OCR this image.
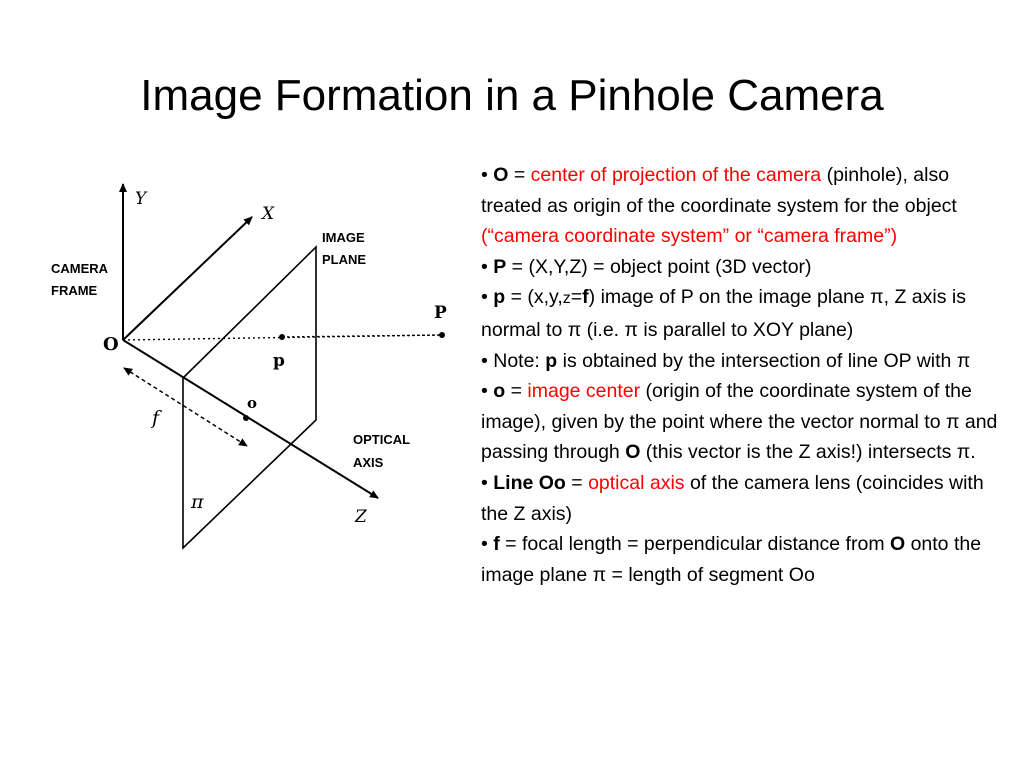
Image Formation in a Pinhole Camera
Y
X
Z
CAMERA
FRAME
IMAGE
PLANE
O
P
p
o
f
OPTICAL
AXIS
π

• O = center of projection of the camera (pinhole), also treated as origin of the coordinate system for the object (“camera coordinate system” or “camera frame”)

• P = (X,Y,Z) = object point (3D vector)

• p = (x,y,z=f) image of P on the image plane π, Z axis is normal to π (i.e. π is parallel to XOY plane)

• Note: p is obtained by the intersection of line OP with π

• o = image center (origin of the coordinate system of the image), given by the point where the vector normal to π and passing through O (this vector is the Z axis!) intersects π.

• Line Oo = optical axis of the camera lens (coincides with the Z axis)

• f = focal length = perpendicular distance from O onto the image plane π = length of segment Oo
